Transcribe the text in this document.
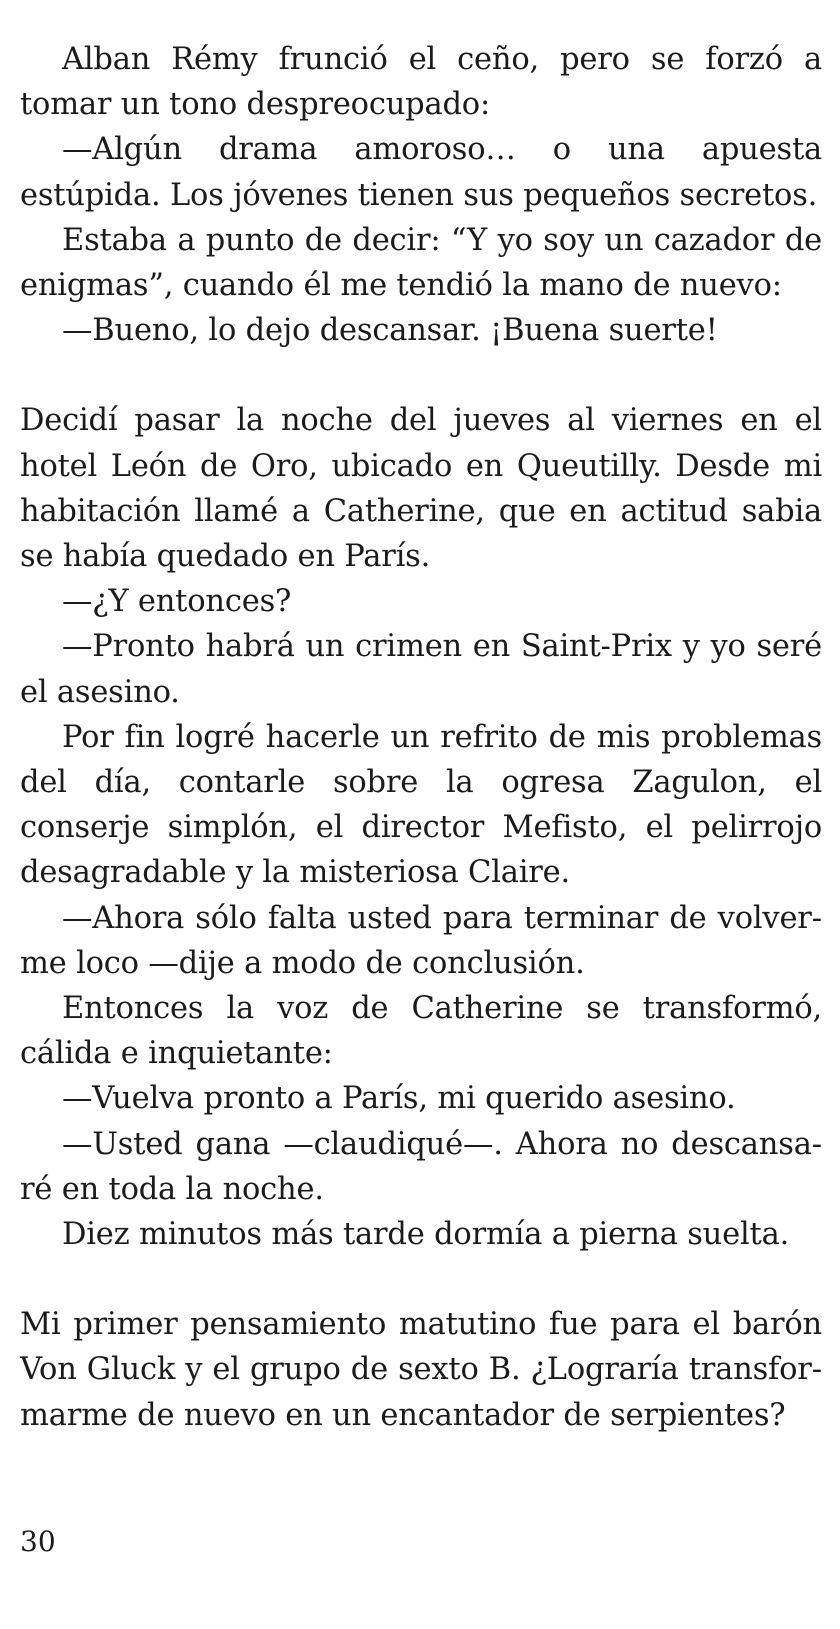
Alban Rémy frunció el ceño, pero se forzó a tomar un tono despreocupado:

—Algún drama amoroso… o una apuesta estúpida. Los jóvenes tienen sus pequeños secretos.

Estaba a punto de decir: “Y yo soy un cazador de enigmas”, cuando él me tendió la mano de nuevo:

—Bueno, lo dejo descansar. ¡Buena suerte!

Decidí pasar la noche del jueves al viernes en el hotel León de Oro, ubicado en Queutilly. Desde mi habitación llamé a Catherine, que en actitud sabia se había quedado en París.

—¿Y entonces?

—Pronto habrá un crimen en Saint-Prix y yo seré el asesino.

Por fin logré hacerle un refrito de mis problemas del día, contarle sobre la ogresa Zagulon, el conserje simplón, el director Mefisto, el pelirrojo desagradable y la misteriosa Claire.

—Ahora sólo falta usted para terminar de volverme loco —dije a modo de conclusión.

Entonces la voz de Catherine se transformó, cálida e inquietante:

—Vuelva pronto a París, mi querido asesino.

—Usted gana —claudiqué—. Ahora no descansaré en toda la noche.

Diez minutos más tarde dormía a pierna suelta.

Mi primer pensamiento matutino fue para el barón Von Gluck y el grupo de sexto B. ¿Lograría transformarme de nuevo en un encantador de serpientes?

30
